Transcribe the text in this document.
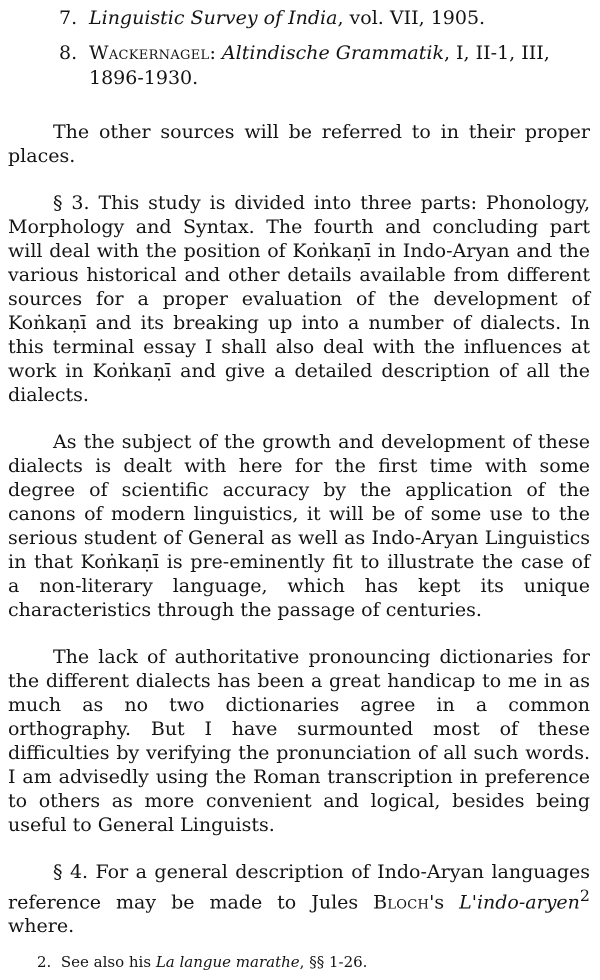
7. Linguistic Survey of India, vol. VII, 1905.
8. Wackernagel: Altindische Grammatik, I, II-1, III, 1896-1930.

The other sources will be referred to in their proper places.

§ 3. This study is divided into three parts: Phonology, Morphology and Syntax. The fourth and concluding part will deal with the position of Koṅkaṇī in Indo-Aryan and the various historical and other details available from different sources for a proper evaluation of the development of Koṅkaṇī and its breaking up into a number of dialects. In this terminal essay I shall also deal with the influences at work in Koṅkaṇī and give a detailed description of all the dialects.

As the subject of the growth and development of these dialects is dealt with here for the first time with some degree of scientific accuracy by the application of the canons of modern linguistics, it will be of some use to the serious student of General as well as Indo-Aryan Linguistics in that Koṅkaṇī is pre-eminently fit to illustrate the case of a non-literary language, which has kept its unique characteristics through the passage of centuries.

The lack of authoritative pronouncing dictionaries for the different dialects has been a great handicap to me in as much as no two dictionaries agree in a common orthography. But I have surmounted most of these difficulties by verifying the pronunciation of all such words. I am advisedly using the Roman transcription in preference to others as more convenient and logical, besides being useful to General Linguists.

§ 4. For a general description of Indo-Aryan languages reference may be made to Jules Bloch's L'indo-aryen$^2$ where.

2. See also his La langue marathe, §§ 1-26.
